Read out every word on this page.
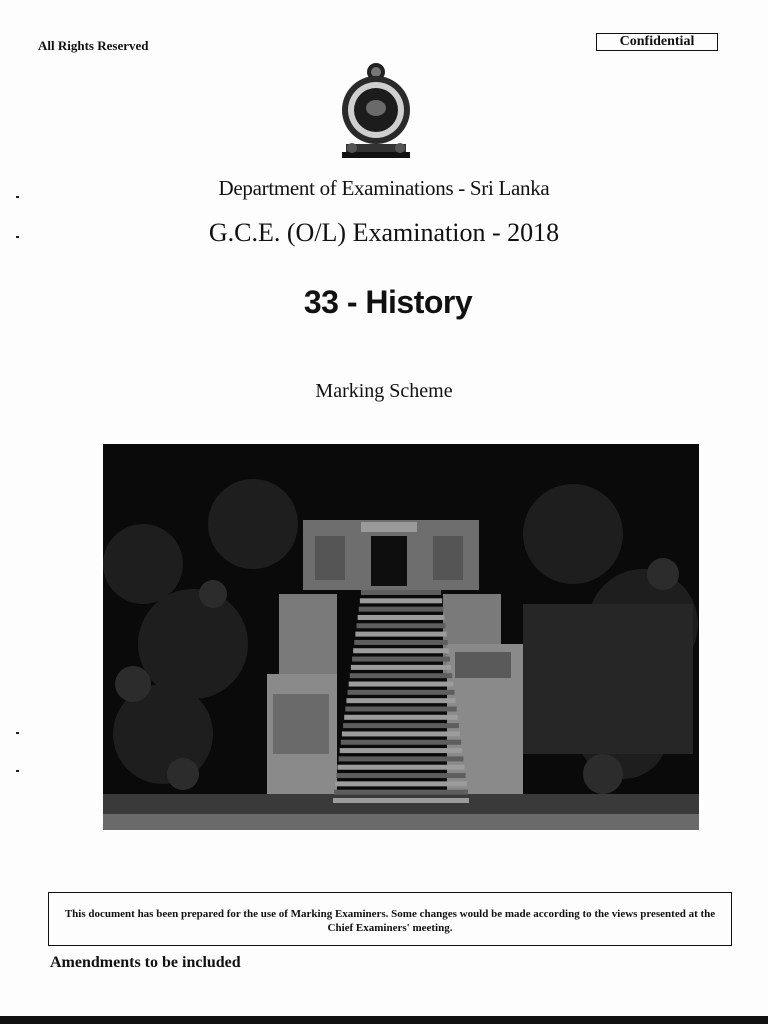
All Rights Reserved	Confidential
Department of Examinations - Sri Lanka
G.C.E. (O/L) Examination - 2018
33 - History
Marking Scheme
This document has been prepared for the use of Marking Examiners. Some changes would be made according to the views presented at the Chief Examiners' meeting.
Amendments to be included
